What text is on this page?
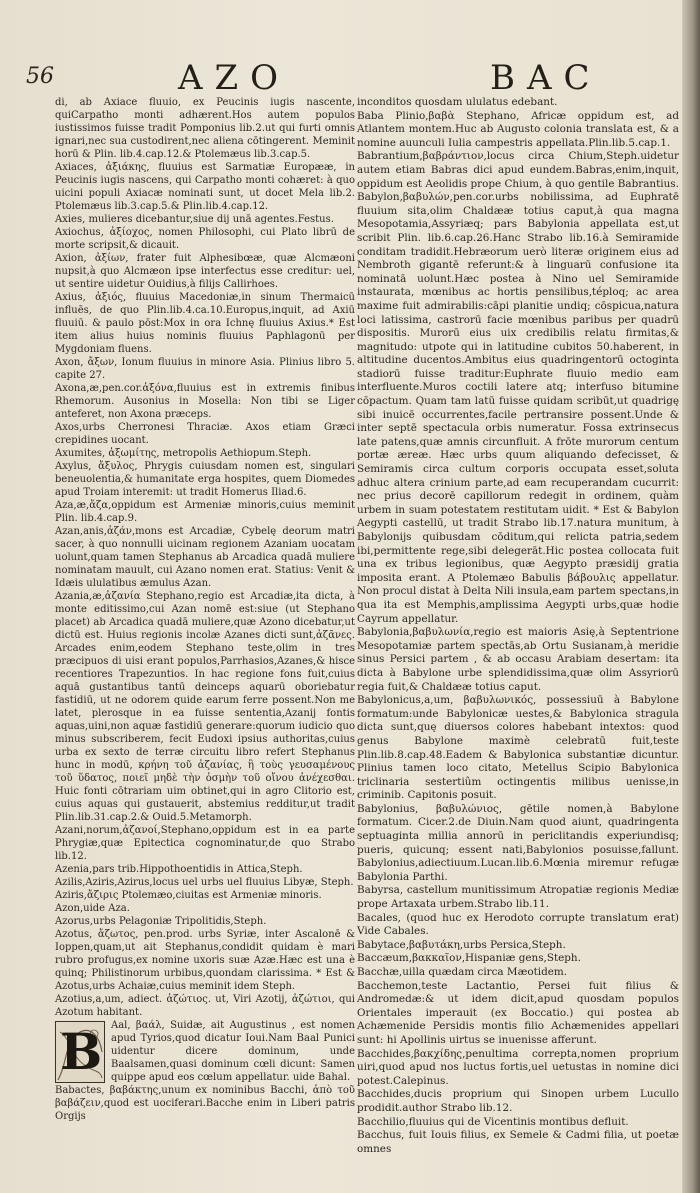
56	AZO	BAC

di, ab Axiace fluuio, ex Peucinis iugis nascente, quiCarpatho monti adhærent.Hos autem populos iustissimos fuisse tradit Pomponius lib.2.ut qui furti omnis ignari,nec sua custodirent,nec aliena cōtingerent. Meminit horū & Plin. lib.4.cap.12.& Ptolemæus lib.3.cap.5.

Axiaces, ἀξιάκης, fluuius est Sarmatiæ Europææ, in Peucinis iugis nascens, qui Carpatho monti cohæret: à quo uicini populi Axiacæ nominati sunt, ut docet Mela lib.2. Ptolemæus lib.3.cap.5.& Plin.lib.4.cap.12.

Axies, mulieres dicebantur,siue dij unā agentes.Festus.

Axiochus, ἀξίοχος, nomen Philosophi, cui Plato librū de morte scripsit,& dicauit.

Axion, ἀξίων, frater fuit Alphesibœæ, quæ Alcmæoni nupsit,à quo Alcmæon ipse interfectus esse creditur: uel, ut sentire uidetur Ouidius,à filijs Callirhoes.

Axius, ἀξιός, fluuius Macedoniæ,in sinum Thermaicū influēs, de quo Plin.lib.4.ca.10.Europus,inquit, ad Axiū fluuiū. & paulo pōst:Mox in ora Ichnę fluuius Axius.* Est item alius huius nominis fluuius Paphlagonū per Mygdoniam fluens.

Axon, ἄξων, Ionum fluuius in minore Asia. Plinius libro 5. capite 27.

Axona,æ,pen.cor.ἀξόνα,fluuius est in extremis finibus Rhemorum. Ausonius in Mosella: Non tibi se Liger anteferet, non Axona præceps.

Axos,urbs Cherronesi Thraciæ. Axos etiam Græci crepidines uocant.

Axumites, ἀξωμίτης, metropolis Aethiopum.Steph.

Axylus, ἄξυλος, Phrygis cuiusdam nomen est, singulari beneuolentia,& humanitate erga hospites, quem Diomedes apud Troiam interemit: ut tradit Homerus Iliad.6.

Aza,æ,ἄζα,oppidum est Armeniæ minoris,cuius meminit Plin. lib.4.cap.9.

Azan,anis,ἀζάν,mons est Arcadiæ, Cybelę deorum matri sacer, à quo nonnulli uicinam regionem Azaniam uocatam uolunt,quam tamen Stephanus ab Arcadica quadā muliere nominatam mauult, cui Azano nomen erat. Statius: Venit & Idæis ululatibus æmulus Azan.

Azania,æ,ἀζανία Stephano,regio est Arcadiæ,ita dicta, à monte editissimo,cui Azan nomē est:siue (ut Stephano placet) ab Arcadica quadā muliere,quæ Azono dicebatur,ut dictū est. Huius regionis incolæ Azanes dicti sunt,ἀζᾶνες. Arcades enim,eodem Stephano teste,olim in tres præcipuos di uisi erant populos,Parrhasios,Azanes,& hisce recentiores Trapezuntios. In hac regione fons fuit,cuius aquā gustantibus tantū deinceps aquarū oboriebatur fastidiū, ut ne odorem quide earum ferre possent.Non me latet, plerosque in ea fuisse sententia,Azanij fontis aquas,uini,non aquæ fastidiū generare:quorum iudicio quo minus subscriberem, fecit Eudoxi ipsius authoritas,cuius urba ex sexto de terræ circuitu libro refert Stephanus hunc in modū, κρήνη τοῦ ἀζανίας, ἣ τοὺς γευσαμένους τοῦ ὕδατος, ποιεῖ μηδὲ τὴν ὀσμὴν τοῦ οἴνου ἀνέχεσθαι. Huic fonti cōtrariam uim obtinet,qui in agro Clitorio est, cuius aquas qui gustauerit, abstemius redditur,ut tradit Plin.lib.31.cap.2.& Ouid.5.Metamorph.

Azani,norum,ἀζανοί,Stephano,oppidum est in ea parte Phrygiæ,quæ Epitectica cognominatur,de quo Strabo lib.12.

Azenia,pars trib.Hippothoentidis in Attica,Steph.

Azilis,Aziris,Azirus,locus uel urbs uel fluuius Libyæ, Steph.

Aziris,ἄζιρις Ptolemæo,ciuitas est Armeniæ minoris.

Azon,uide Aza.

Azorus,urbs Pelagoniæ Tripolitidis,Steph.

Azotus, ἄζωτος, pen.prod. urbs Syriæ, inter Ascalonē & Ioppen,quam,ut ait Stephanus,condidit quidam è mari rubro profugus,ex nomine uxoris suæ Azæ.Hæc est una è quinq; Philistinorum urbibus,quondam clarissima. * Est & Azotus,urbs Achaiæ,cuius meminit idem Steph.

Azotius,a,um, adiect. ἀζώτιος. ut, Viri Azotij, ἀζώτιοι, qui Azotum habitant.

B Aal, βαάλ, Suidæ, ait Augustinus , est nomen apud Tyrios,quod dicatur Ioui.Nam Baal Punici uidentur dicere dominum, unde Baalsamen,quasi dominum cœli dicunt: Samen quippe apud eos cœlum appellatur. uide Bahal.

Babactes, βαβάκτης,unum ex nominibus Bacchi, ἀπὸ τοῦ βαβάζειν,quod est uociferari.Bacche enim in Liberi patris Orgijs

inconditos quosdam ululatus edebant.

Baba Plinio,βαβὰ Stephano, Africæ oppidum est, ad Atlantem montem.Huc ab Augusto colonia translata est, & a nomine auunculi Iulia campestris appellata.Plin.lib.5.cap.1.

Babrantium,βαβράντιον,locus circa Chium,Steph.uidetur autem etiam Babras dici apud eundem.Babras,enim,inquit, oppidum est Aeolidis prope Chium, à quo gentile Babrantius.

Babylon,βαβυλών,pen.cor.urbs nobilissima, ad Euphratē fluuium sita,olim Chaldææ totius caput,à qua magna Mesopotamia,Assyriæq; pars Babylonia appellata est,ut scribit Plin. lib.6.cap.26.Hanc Strabo lib.16.à Semiramide conditam tradidit.Hebræorum uerò literæ originem eius ad Nembroth gigantē referunt:& à linguarū confusione ita nominatā uolunt.Hæc postea à Nino uel Semiramide instaurata, mœnibus ac hortis pensilibus,téploq; ac area maxime fuit admirabilis:cāpi planitie undiq; cōspicua,natura loci latissima, castrorū facie mœnibus paribus per quadrū dispositis. Murorū eius uix credibilis relatu firmitas,& magnitudo: utpote qui in latitudine cubitos 50.haberent, in altitudine ducentos.Ambitus eius quadringentorū octoginta stadiorū fuisse traditur:Euphrate fluuio medio eam interfluente.Muros coctili latere atq; interfuso bitumine cōpactum. Quam tam latū fuisse quidam scribūt,ut quadrigę sibi inuicē occurrentes,facile pertransire possent.Unde & inter septē spectacula orbis numeratur. Fossa extrinsecus late patens,quæ amnis circunfluit. A frōte murorum centum portæ æreæ. Hæc urbs quum aliquando defecisset, & Semiramis circa cultum corporis occupata esset,soluta adhuc altera crinium parte,ad eam recuperandam cucurrit: nec prius decorē capillorum redegit in ordinem, quàm urbem in suam potestatem restitutam uidit. * Est & Babylon Aegypti castellū, ut tradit Strabo lib.17.natura munitum, à Babylonijs quibusdam cōditum,qui relicta patria,sedem ibi,permittente rege,sibi delegerāt.Hic postea collocata fuit una ex tribus legionibus, quæ Aegypto præsidij gratia imposita erant. A Ptolemæo Babulis βάβουλις appellatur. Non procul distat à Delta Nili insula,eam partem spectans,in qua ita est Memphis,amplissima Aegypti urbs,quæ hodie Cayrum appellatur.

Babylonia,βαβυλωνία,regio est maioris Asię,à Septentrione Mesopotamiæ partem spectās,ab Ortu Susianam,à meridie sinus Persici partem , & ab occasu Arabiam desertam: ita dicta à Babylone urbe splendidissima,quæ olim Assyriorū regia fuit,& Chaldææ totius caput.

Babylonicus,a,um, βαβυλωνικός, possessiuū à Babylone formatum:unde Babylonicæ uestes,& Babylonica stragula dicta sunt,quę diuersos colores habebant intextos: quod genus Babylone maximè celebratū fuit,teste Plin.lib.8.cap.48.Eadem & Babylonica substantiæ dicuntur. Plinius tamen loco citato, Metellus Scipio Babylonica triclinaria sestertiûm octingentis milibus uenisse,in criminib. Capitonis posuit.

Babylonius, βαβυλώνιος, gētile nomen,à Babylone formatum. Cicer.2.de Diuin.Nam quod aiunt, quadringenta septuaginta millia annorū in periclitandis experiundisq; pueris, quicunq; essent nati,Babylonios posuisse,fallunt. Babylonius,adiectiuum.Lucan.lib.6.Mœnia miremur refugæ Babylonia Parthi.

Babyrsa, castellum munitissimum Atropatiæ regionis Mediæ prope Artaxata urbem.Strabo lib.11.

Bacales, (quod huc ex Herodoto corrupte translatum erat) Vide Cabales.

Babytace,βαβυτάκη,urbs Persica,Steph.

Baccæum,βακκαῖον,Hispaniæ gens,Steph.

Bacchæ,uilla quædam circa Mæotidem.

Bacchemon,teste Lactantio, Persei fuit filius & Andromedæ:& ut idem dicit,apud quosdam populos Orientales imperauit (ex Boccatio.) qui postea ab Achæmenide Persidis montis filio Achæmenides appellari sunt: hi Apollinis uirtus se inuenisse afferunt.

Bacchides,βακχίδης,penultima correpta,nomen proprium uiri,quod apud nos luctus fortis,uel uetustas in nomine dici potest.Calepinus.

Bacchides,ducis proprium qui Sinopen urbem Lucullo prodidit.author Strabo lib.12.

Bacchilio,fluuius qui de Vicentinis montibus defluit.

Bacchus, fuit Iouis filius, ex Semele & Cadmi filia, ut poetæ omnes
